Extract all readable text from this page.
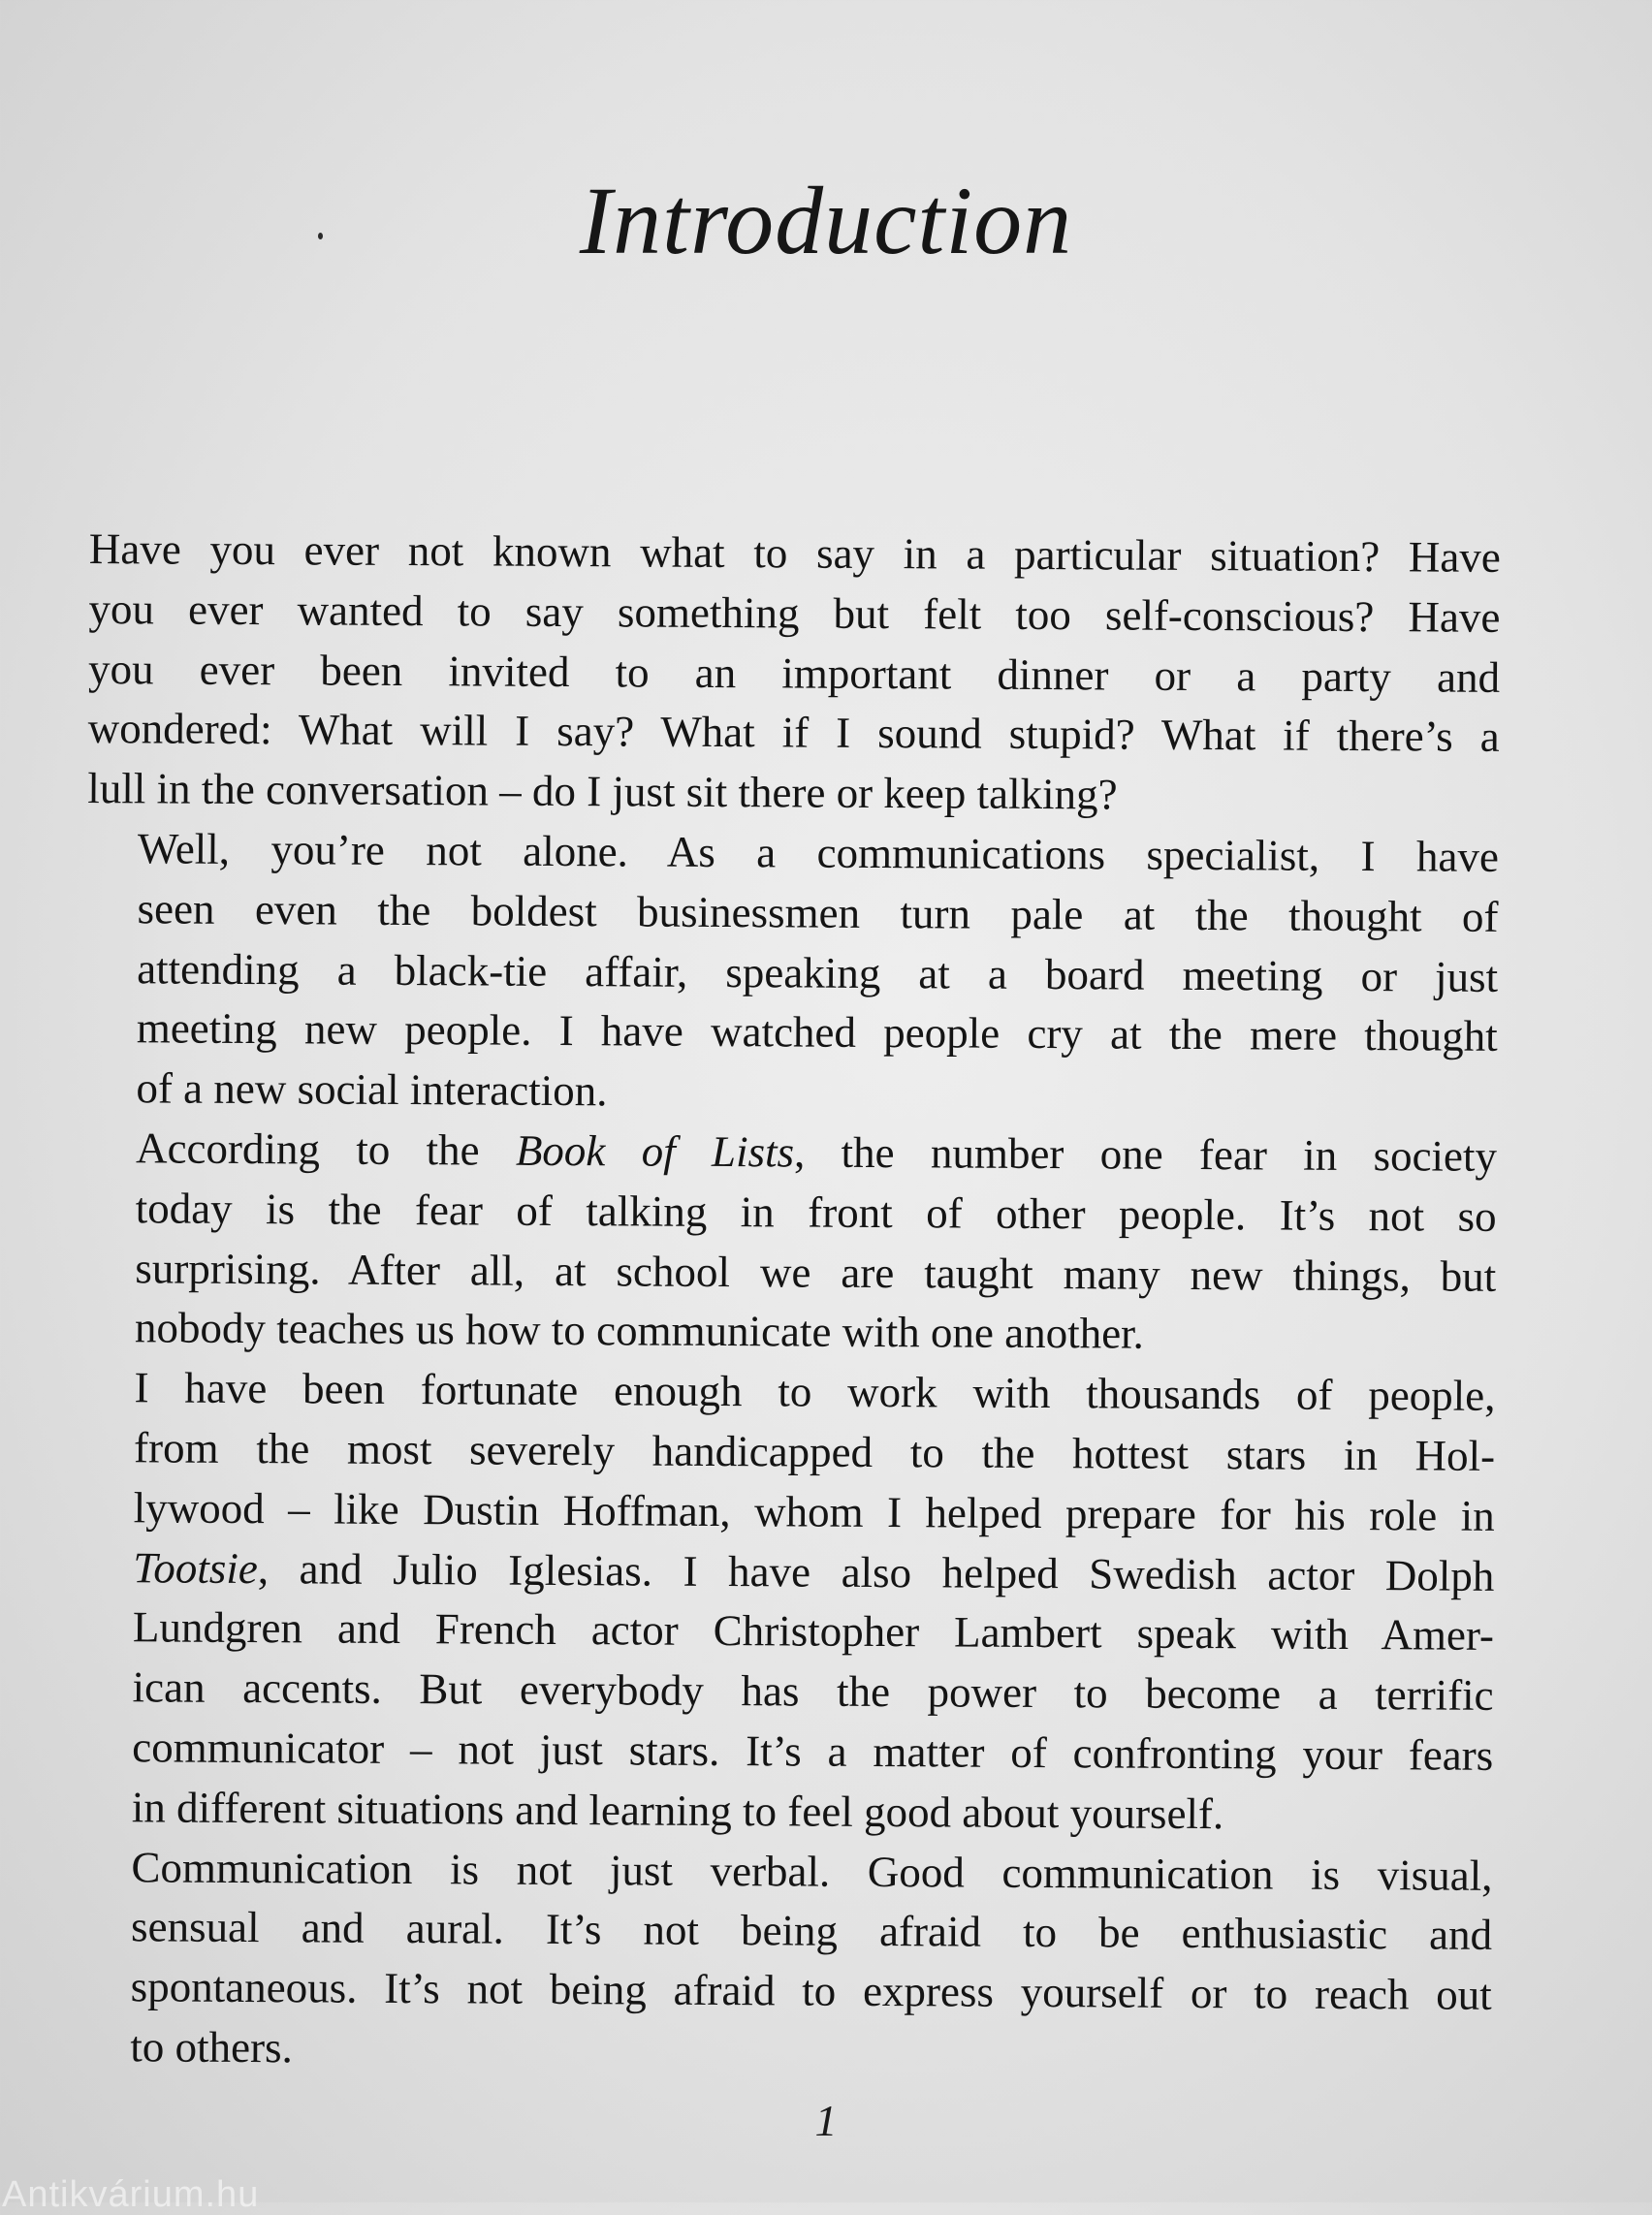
Introduction

Have you ever not known what to say in a particular situation? Have
you ever wanted to say something but felt too self-conscious? Have
you ever been invited to an important dinner or a party and
wondered: What will I say? What if I sound stupid? What if there’s a
lull in the conversation – do I just sit there or keep talking?

Well, you’re not alone. As a communications specialist, I have
seen even the boldest businessmen turn pale at the thought of
attending a black-tie affair, speaking at a board meeting or just
meeting new people. I have watched people cry at the mere thought
of a new social interaction.

According to the Book of Lists, the number one fear in society
today is the fear of talking in front of other people. It’s not so
surprising. After all, at school we are taught many new things, but
nobody teaches us how to communicate with one another.

I have been fortunate enough to work with thousands of people,
from the most severely handicapped to the hottest stars in Hol-
lywood – like Dustin Hoffman, whom I helped prepare for his role in
Tootsie, and Julio Iglesias. I have also helped Swedish actor Dolph
Lundgren and French actor Christopher Lambert speak with Amer-
ican accents. But everybody has the power to become a terrific
communicator – not just stars. It’s a matter of confronting your fears
in different situations and learning to feel good about yourself.

Communication is not just verbal. Good communication is visual,
sensual and aural. It’s not being afraid to be enthusiastic and
spontaneous. It’s not being afraid to express yourself or to reach out
to others.

1
Antikvárium.hu
